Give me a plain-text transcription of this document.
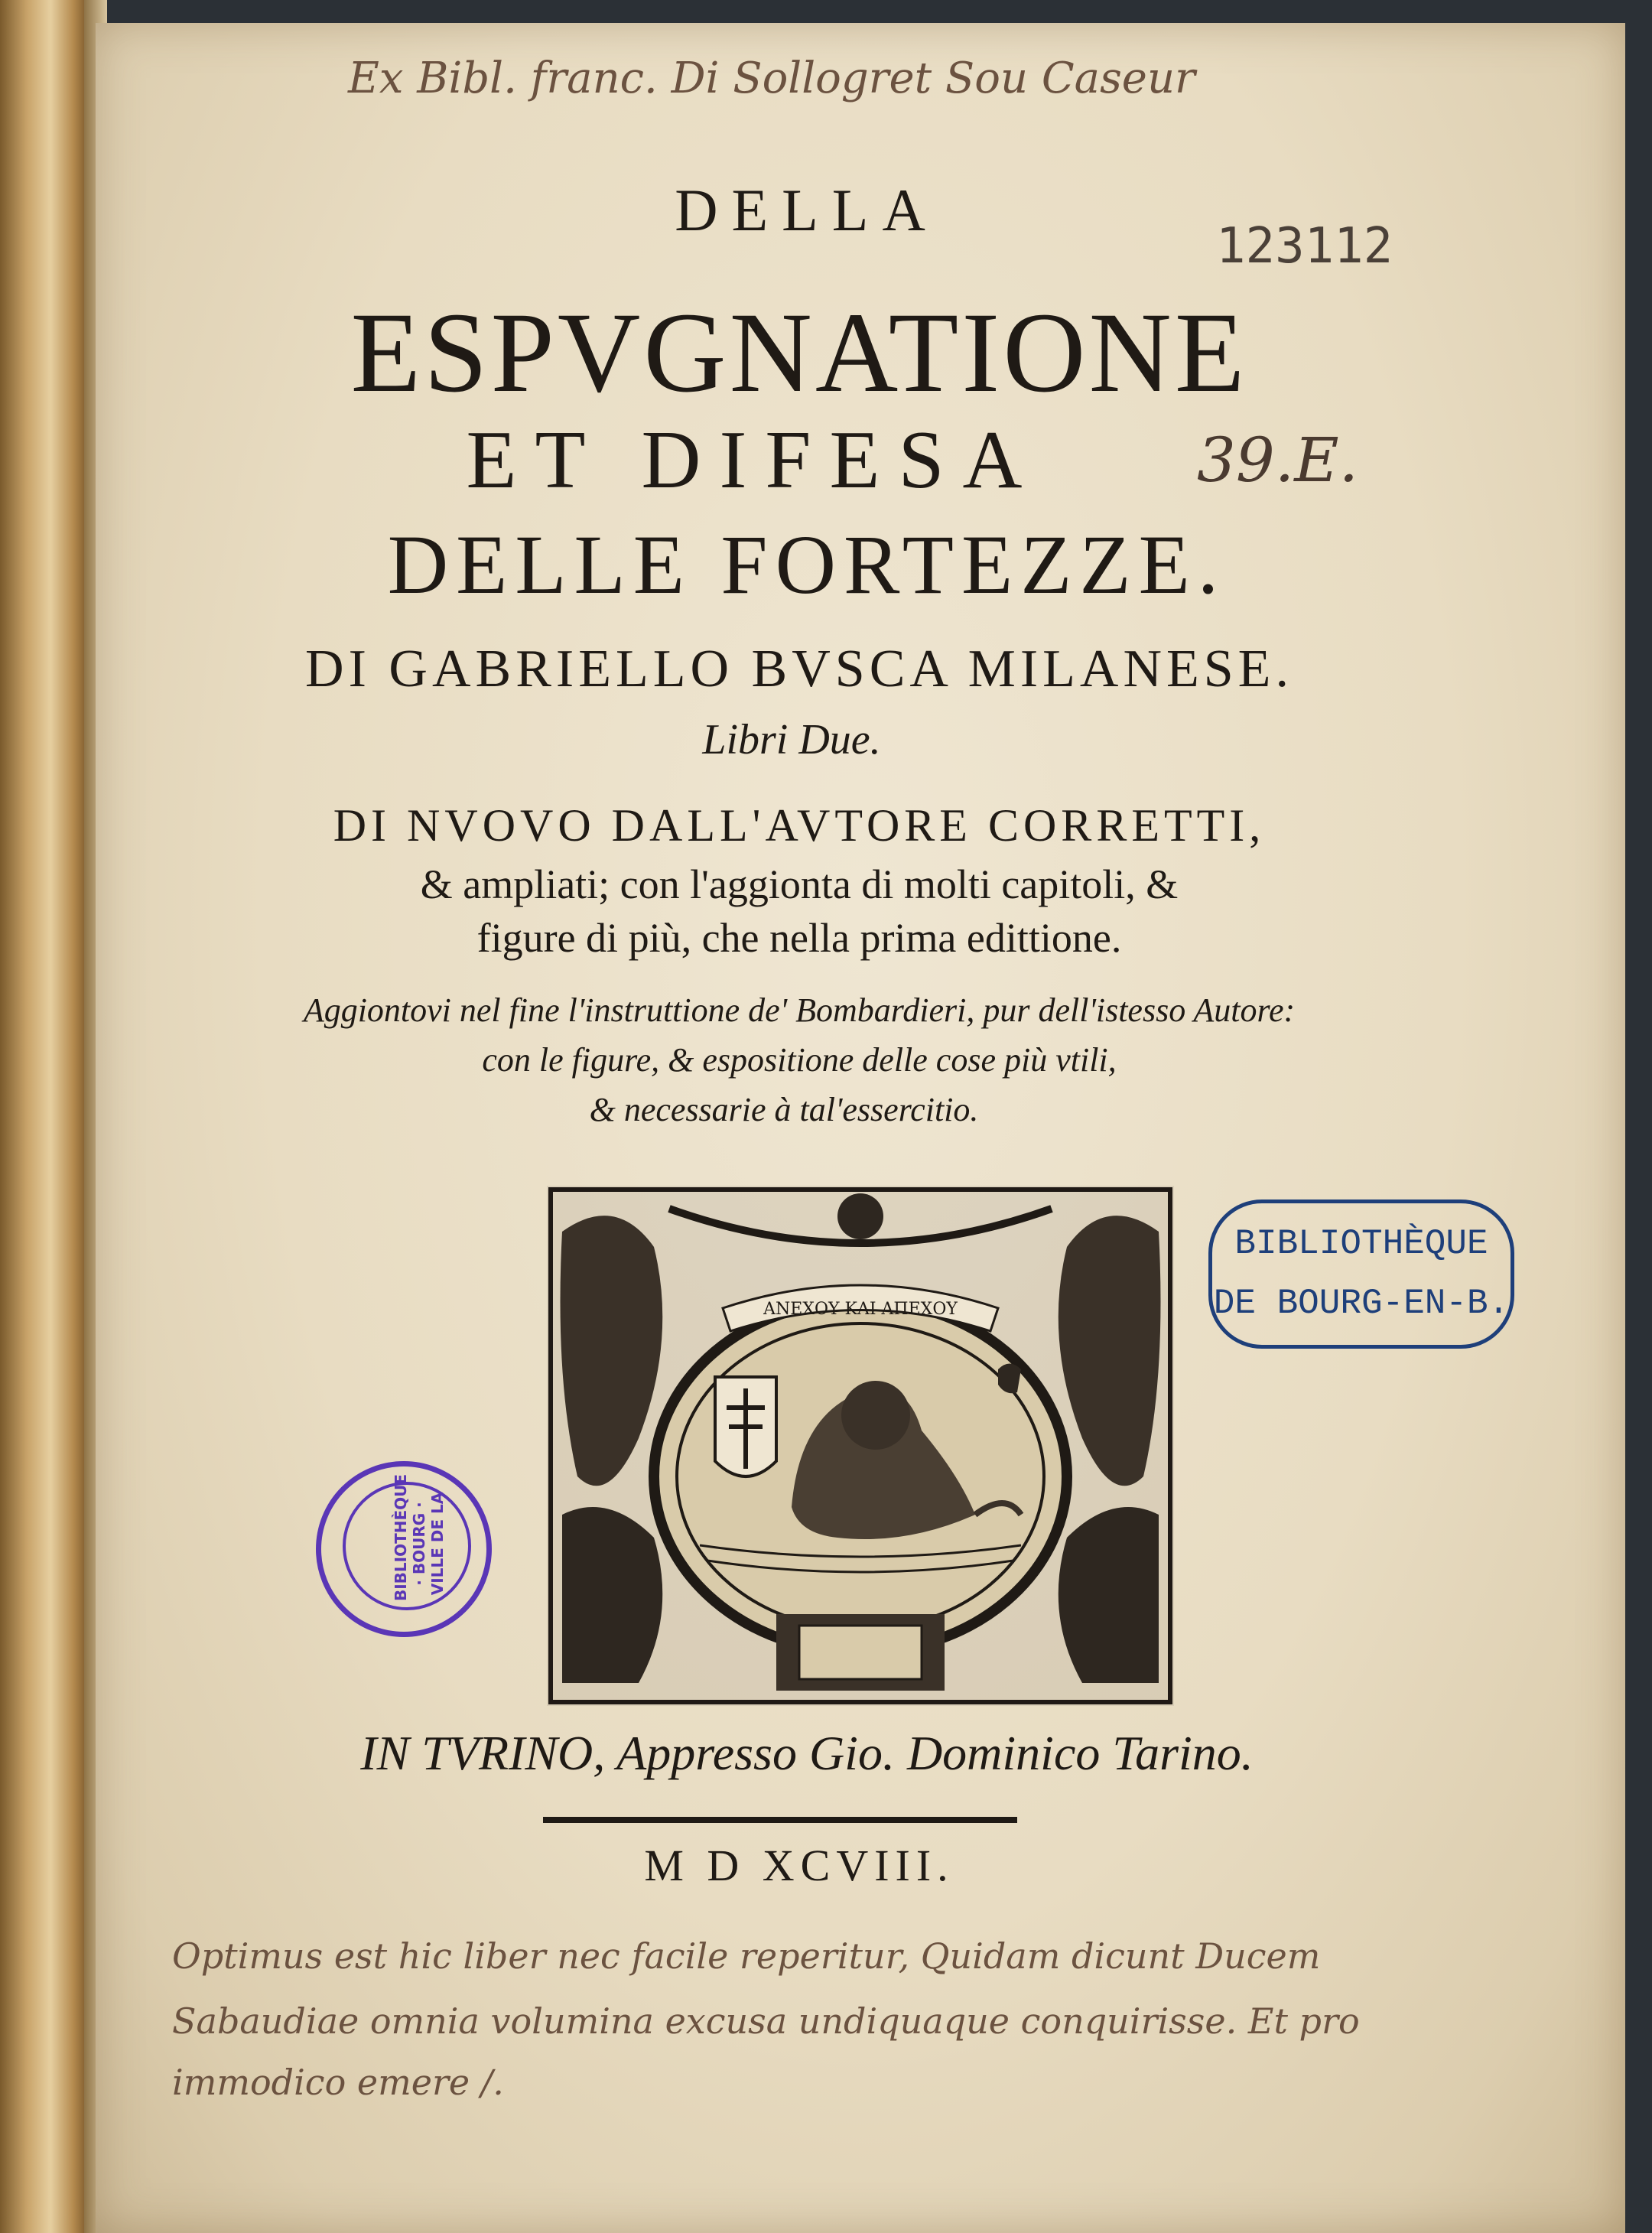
Ex Bibl. franc. Di Sollogret Sou Caseur
DELLA
123112
ESPVGNATIONE
ET DIFESA	39.E.
DELLE FORTEZZE.
DI GABRIELLO BVSCA MILANESE.
Libri Due.
DI NVOVO DALL'AVTORE CORRETTI,
& ampliati; con l'aggionta di molti capitoli, &
figure di più, che nella prima edittione.
Aggiontovi nel fine l'instruttione de' Bombardieri, pur dell'istesso Autore:
con le figure, & espositione delle cose più vtili,
& necessarie à tal'essercitio.
ΑΝΕΧΟΥ ΚΑΙ ΑΠΕΧΟΥ
BIBLIOTHÈQUE
DE BOURG-EN-B.
BIBLIOTHÈQUE · BOURG · VILLE DE LA
IN TVRINO, Appresso Gio. Dominico Tarino.
M D XCVIII.
Optimus est hic liber nec facile reperitur, Quidam dicunt Ducem
Sabaudiae omnia volumina excusa undiquaque conquirisse. Et pro
immodico emere /.
